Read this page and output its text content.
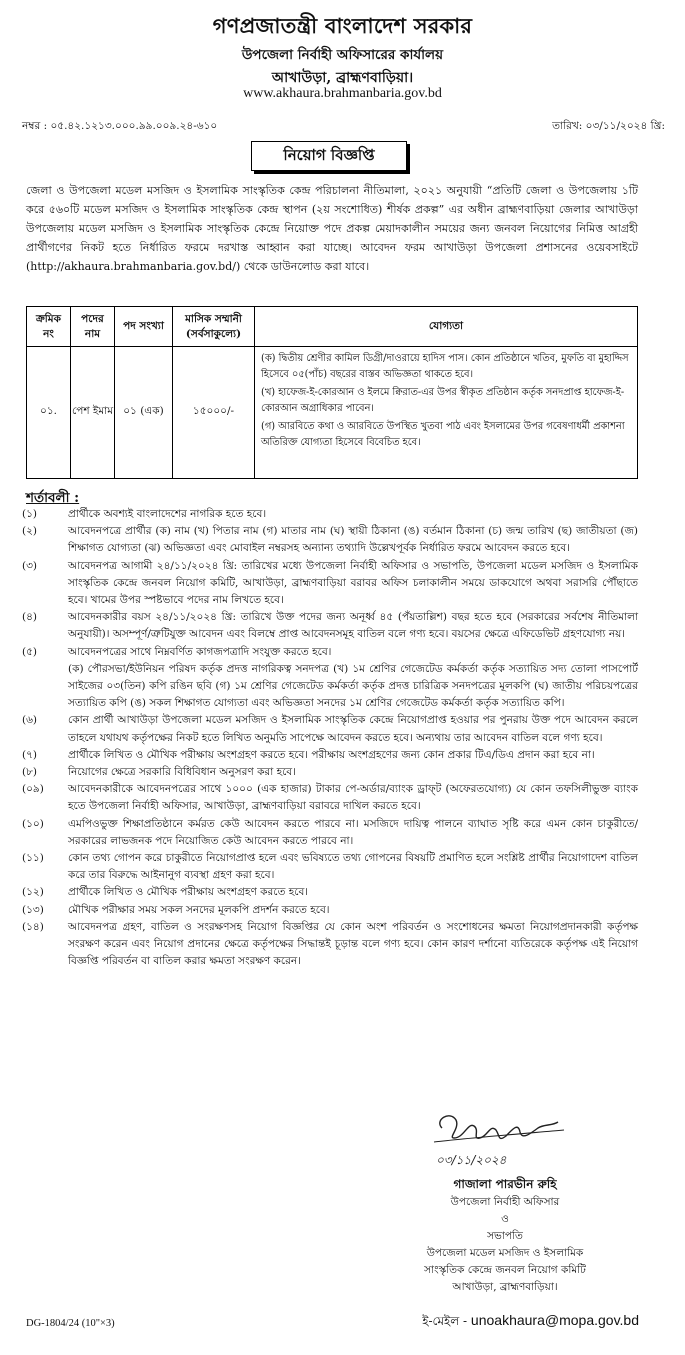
গণপ্রজাতন্ত্রী বাংলাদেশ সরকার
উপজেলা নির্বাহী অফিসারের কার্যালয়
আখাউড়া, ব্রাহ্মণবাড়িয়া।
www.akhaura.brahmanbaria.gov.bd
নম্বর : ০৫.৪২.১২১৩.০০০.৯৯.০০৯.২৪-৬১০	তারিখ: ০৩/১১/২০২৪ খ্রি:
নিয়োগ বিজ্ঞপ্তি
জেলা ও উপজেলা মডেল মসজিদ ও ইসলামিক সাংস্কৃতিক কেন্দ্র পরিচালনা নীতিমালা, ২০২১ অনুযায়ী “প্রতিটি জেলা ও উপজেলায় ১টি করে ৫৬০টি মডেল মসজিদ ও ইসলামিক সাংস্কৃতিক কেন্দ্র স্থাপন (২য় সংশোধিত) শীর্ষক প্রকল্প” এর অধীন ব্রাহ্মণবাড়িয়া জেলার আখাউড়া উপজেলায় মডেল মসজিদ ও ইসলামিক সাংস্কৃতিক কেন্দ্রে নিয়োক্ত পদে প্রকল্প মেয়াদকালীন সময়ের জন্য জনবল নিয়োগের নিমিত্ত আগ্রহী প্রার্থীগণের নিকট হতে নির্ধারিত ফরমে দরখাস্ত আহ্বান করা যাচ্ছে। আবেদন ফরম আখাউড়া উপজেলা প্রশাসনের ওয়েবসাইটে (http://akhaura.brahmanbaria.gov.bd/) থেকে ডাউনলোড করা যাবে।
ক্রমিক নং	পদের নাম	পদ সংখ্যা	মাসিক সম্মানী (সর্বসাকুল্যে)	যোগ্যতা
০১.	পেশ ইমাম	০১ (এক)	১৫০০০/-	(ক) দ্বিতীয় শ্রেণীর কামিল ডিগ্রী/দাওরায়ে হাদিস পাস। কোন প্রতিষ্ঠানে খতিব, মুফতি বা মুহাদ্দিস হিসেবে ০৫(পাঁচ) বছরের বাস্তব অভিজ্ঞতা থাকতে হবে।
(খ) হাফেজ-ই-কোরআন ও ইলমে ক্বিরাত-এর উপর স্বীকৃত প্রতিষ্ঠান কর্তৃক সনদপ্রাপ্ত হাফেজ-ই-কোরআন অগ্রাধিকার পাবেন।
(গ) আরবিতে কথা ও আরবিতে উপস্থিত খুতবা পাঠ এবং ইসলামের উপর গবেষণাধর্মী প্রকাশনা অতিরিক্ত যোগ্যতা হিসেবে বিবেচিত হবে।
শর্তাবলী :
(১)	প্রার্থীকে অবশ্যই বাংলাদেশের নাগরিক হতে হবে।
(২)	আবেদনপত্রে প্রার্থীর (ক) নাম (খ) পিতার নাম (গ) মাতার নাম (ঘ) স্থায়ী ঠিকানা (ঙ) বর্তমান ঠিকানা (চ) জন্ম তারিখ (ছ) জাতীয়তা (জ) শিক্ষাগত যোগ্যতা (ঝ) অভিজ্ঞতা এবং মোবাইল নম্বরসহ অন্যান্য তথ্যাদি উল্লেখপূর্বক নির্ধারিত ফরমে আবেদন করতে হবে।
(৩)	আবেদনপত্র আগামী ২৪/১১/২০২৪ খ্রি: তারিখের মধ্যে উপজেলা নির্বাহী অফিসার ও সভাপতি, উপজেলা মডেল মসজিদ ও ইসলামিক সাংস্কৃতিক কেন্দ্রে জনবল নিয়োগ কমিটি, আখাউড়া, ব্রাহ্মণবাড়িয়া বরাবর অফিস চলাকালীন সময়ে ডাকযোগে অথবা সরাসরি পৌঁছাতে হবে। খামের উপর স্পষ্টভাবে পদের নাম লিখতে হবে।
(৪)	আবেদনকারীর বয়স ২৪/১১/২০২৪ খ্রি: তারিখে উক্ত পদের জন্য অনূর্ধ্ব ৪৫ (পঁয়তাল্লিশ) বছর হতে হবে (সরকারের সর্বশেষ নীতিমালা অনুযায়ী)। অসম্পূর্ণ/ত্রুটিযুক্ত আবেদন এবং বিলম্বে প্রাপ্ত আবেদনসমূহ বাতিল বলে গণ্য হবে। বয়সের ক্ষেত্রে এফিডেভিট গ্রহণযোগ্য নয়।
(৫)	আবেদনপত্রের সাথে নিম্নবর্ণিত কাগজপত্রাদি সংযুক্ত করতে হবে।
(ক) পৌরসভা/ইউনিয়ন পরিষদ কর্তৃক প্রদত্ত নাগরিকত্ব সনদপত্র (খ) ১ম শ্রেণির গেজেটেড কর্মকর্তা কর্তৃক সত্যায়িত সদ্য তোলা পাসপোর্ট সাইজের ০৩(তিন) কপি রঙিন ছবি (গ) ১ম শ্রেণির গেজেটেড কর্মকর্তা কর্তৃক প্রদত্ত চারিত্রিক সনদপত্রের মূলকপি (ঘ) জাতীয় পরিচয়পত্রের সত্যায়িত কপি (ঙ) সকল শিক্ষাগত যোগ্যতা এবং অভিজ্ঞতা সনদের ১ম শ্রেণির গেজেটেড কর্মকর্তা কর্তৃক সত্যায়িত কপি।
(৬)	কোন প্রার্থী আখাউড়া উপজেলা মডেল মসজিদ ও ইসলামিক সাংস্কৃতিক কেন্দ্রে নিয়োগপ্রাপ্ত হওয়ার পর পুনরায় উক্ত পদে আবেদন করলে তাহলে যথাযথ কর্তৃপক্ষের নিকট হতে লিখিত অনুমতি সাপেক্ষে আবেদন করতে হবে। অন্যথায় তার আবেদন বাতিল বলে গণ্য হবে।
(৭)	প্রার্থীকে লিখিত ও মৌখিক পরীক্ষায় অংশগ্রহণ করতে হবে। পরীক্ষায় অংশগ্রহণের জন্য কোন প্রকার টিএ/ডিএ প্রদান করা হবে না।
(৮)	নিয়োগের ক্ষেত্রে সরকারি বিধিবিধান অনুসরণ করা হবে।
(০৯)	আবেদনকারীকে আবেদনপত্রের সাথে ১০০০ (এক হাজার) টাকার পে-অর্ডার/ব্যাংক ড্রাফ্‌ট (অফেরতযোগ্য) যে কোন তফসিলীভুক্ত ব্যাংক হতে উপজেলা নির্বাহী অফিসার, আখাউড়া, ব্রাহ্মণবাড়িয়া বরাবরে দাখিল করতে হবে।
(১০)	এমপিওভুক্ত শিক্ষাপ্রতিষ্ঠানে কর্মরত কেউ আবেদন করতে পারবে না। মসজিদে দায়িত্ব পালনে ব্যাঘাত সৃষ্টি করে এমন কোন চাকুরীতে/সরকারের লাভজনক পদে নিয়োজিত কেউ আবেদন করতে পারবে না।
(১১)	কোন তথ্য গোপন করে চাকুরীতে নিয়োগপ্রাপ্ত হলে এবং ভবিষ্যতে তথ্য গোপনের বিষয়টি প্রমাণিত হলে সংশ্লিষ্ট প্রার্থীর নিয়োগাদেশ বাতিল করে তার বিরুদ্ধে আইনানুগ ব্যবস্থা গ্রহণ করা হবে।
(১২)	প্রার্থীকে লিখিত ও মৌখিক পরীক্ষায় অংশগ্রহণ করতে হবে।
(১৩)	মৌখিক পরীক্ষার সময় সকল সনদের মূলকপি প্রদর্শন করতে হবে।
(১৪)	আবেদনপত্র গ্রহণ, বাতিল ও সংরক্ষণসহ নিয়োগ বিজ্ঞপ্তির যে কোন অংশ পরিবর্তন ও সংশোধনের ক্ষমতা নিয়োগপ্রদানকারী কর্তৃপক্ষ সংরক্ষণ করেন এবং নিয়োগ প্রদানের ক্ষেত্রে কর্তৃপক্ষের সিদ্ধান্তই চূড়ান্ত বলে গণ্য হবে। কোন কারণ দর্শানো ব্যতিরেকে কর্তৃপক্ষ এই নিয়োগ বিজ্ঞপ্তি পরিবর্তন বা বাতিল করার ক্ষমতা সংরক্ষণ করেন।
০৩/১১/২০২৪
গাজালা পারভীন রুহি
উপজেলা নির্বাহী অফিসার
ও
সভাপতি
উপজেলা মডেল মসজিদ ও ইসলামিক
সাংস্কৃতিক কেন্দ্রে জনবল নিয়োগ কমিটি
আখাউড়া, ব্রাহ্মণবাড়িয়া।
ই-মেইল - unoakhaura@mopa.gov.bd
DG-1804/24 (10"×3)
